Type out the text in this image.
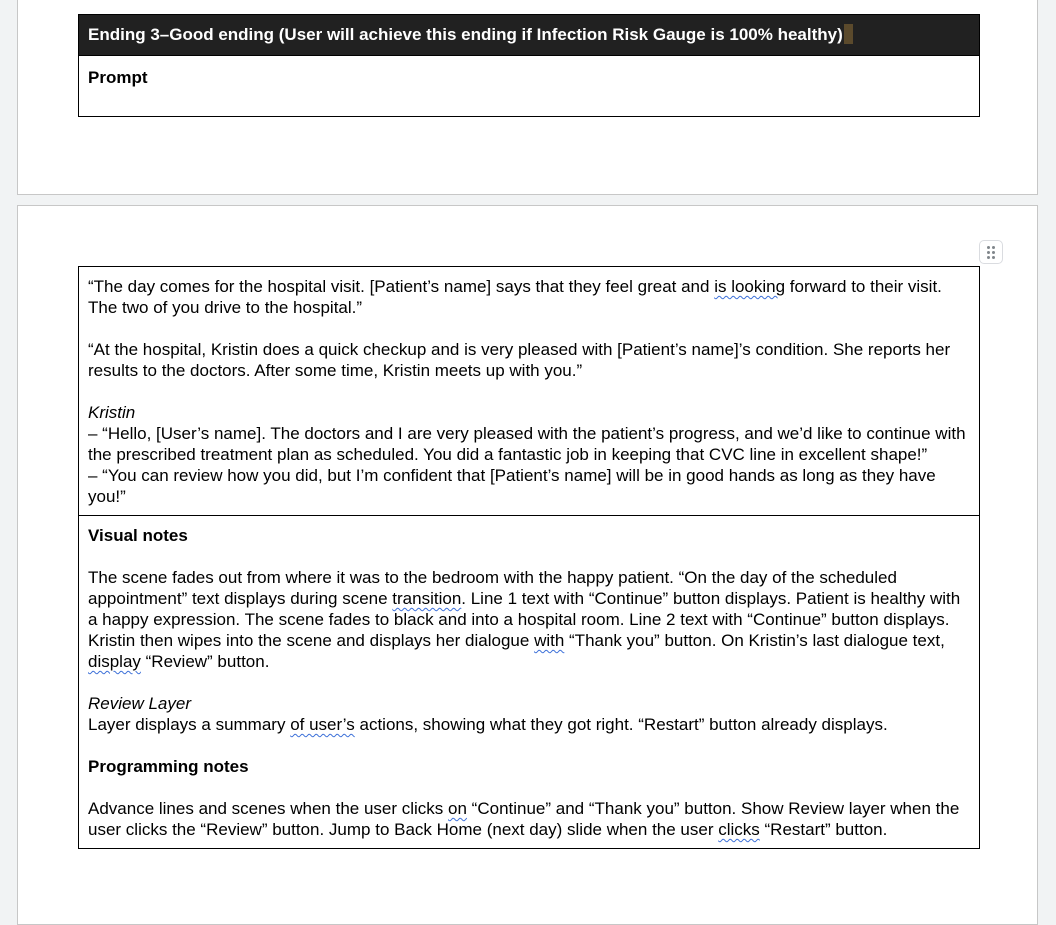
Ending 3–Good ending (User will achieve this ending if Infection Risk Gauge is 100% healthy)
Prompt

“The day comes for the hospital visit. [Patient’s name] says that they feel great and is looking forward to their visit. The two of you drive to the hospital.”

“At the hospital, Kristin does a quick checkup and is very pleased with [Patient’s name]’s condition. She reports her results to the doctors. After some time, Kristin meets up with you.”

Kristin

– “Hello, [User’s name]. The doctors and I are very pleased with the patient’s progress, and we’d like to continue with the prescribed treatment plan as scheduled. You did a fantastic job in keeping that CVC line in excellent shape!”

– “You can review how you did, but I’m confident that [Patient’s name] will be in good hands as long as they have you!”

Visual notes

The scene fades out from where it was to the bedroom with the happy patient. “On the day of the scheduled appointment” text displays during scene transition. Line 1 text with “Continue” button displays. Patient is healthy with a happy expression. The scene fades to black and into a hospital room. Line 2 text with “Continue” button displays. Kristin then wipes into the scene and displays her dialogue with “Thank you” button. On Kristin’s last dialogue text, display “Review” button.

Review Layer

Layer displays a summary of user’s actions, showing what they got right. “Restart” button already displays.

Programming notes

Advance lines and scenes when the user clicks on “Continue” and “Thank you” button. Show Review layer when the user clicks the “Review” button. Jump to Back Home (next day) slide when the user clicks “Restart” button.
